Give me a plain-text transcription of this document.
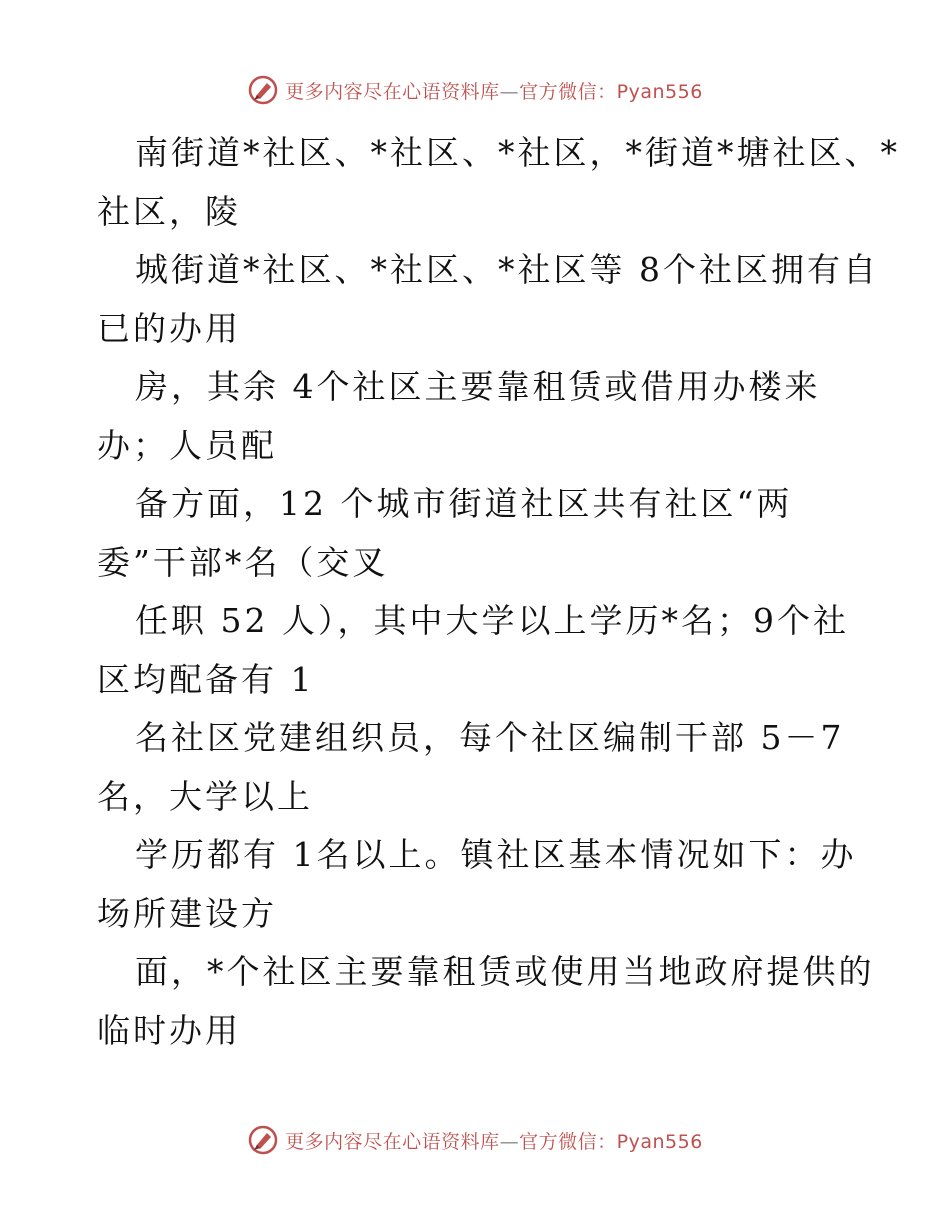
更多内容尽在心语资料库—官方微信：Pyan556
南街道*社区、*社区、*社区，*街道*塘社区、*
社区，陵
城街道*社区、*社区、*社区等 8个社区拥有自
已的办用
房，其余 4个社区主要靠租赁或借用办楼来
办；人员配
备方面，12 个城市街道社区共有社区“两
委”干部*名（交叉
任职 52 人），其中大学以上学历*名；9个社
区均配备有 1
名社区党建组织员，每个社区编制干部 5－7
名，大学以上
学历都有 1名以上。镇社区基本情况如下：办
场所建设方
面，*个社区主要靠租赁或使用当地政府提供的
临时办用
更多内容尽在心语资料库—官方微信：Pyan556
